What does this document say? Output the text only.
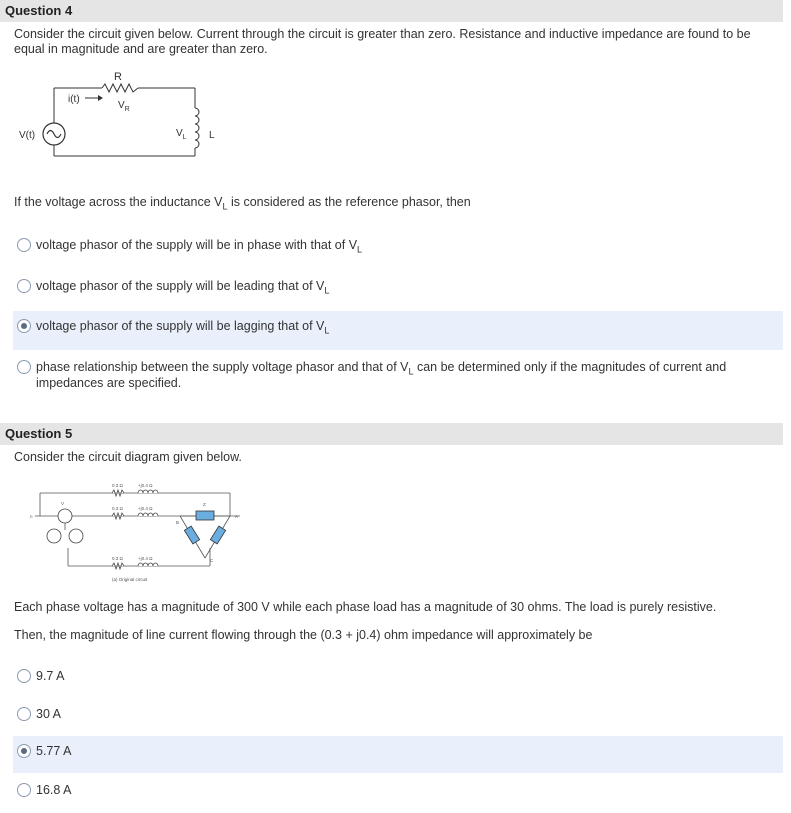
Question 4
Consider the circuit given below. Current through the circuit is greater than zero. Resistance and inductive impedance are found to be
equal in magnitude and are greater than zero.
R
i(t)
$V_R$
V(t)	$V_L$ L
If the voltage across the inductance $V_L$ is considered as the reference phasor, then
voltage phasor of the supply will be in phase with that of $V_L$
voltage phasor of the supply will be leading that of $V_L$
voltage phasor of the supply will be lagging that of $V_L$
phase relationship between the supply voltage phasor and that of $V_L$ can be determined only if the magnitudes of current and
impedances are specified.
Question 5
Consider the circuit diagram given below.
0.3 Ω	+j0.4 Ω
0.3 Ω	+j0.4 Ω
0.3 Ω	+j0.4 Ω
n
V
B
A
C
Z
(a) Original circuit
Each phase voltage has a magnitude of 300 V while each phase load has a magnitude of 30 ohms. The load is purely resistive.
Then, the magnitude of line current flowing through the (0.3 + j0.4) ohm impedance will approximately be
9.7 A
30 A
5.77 A
16.8 A
